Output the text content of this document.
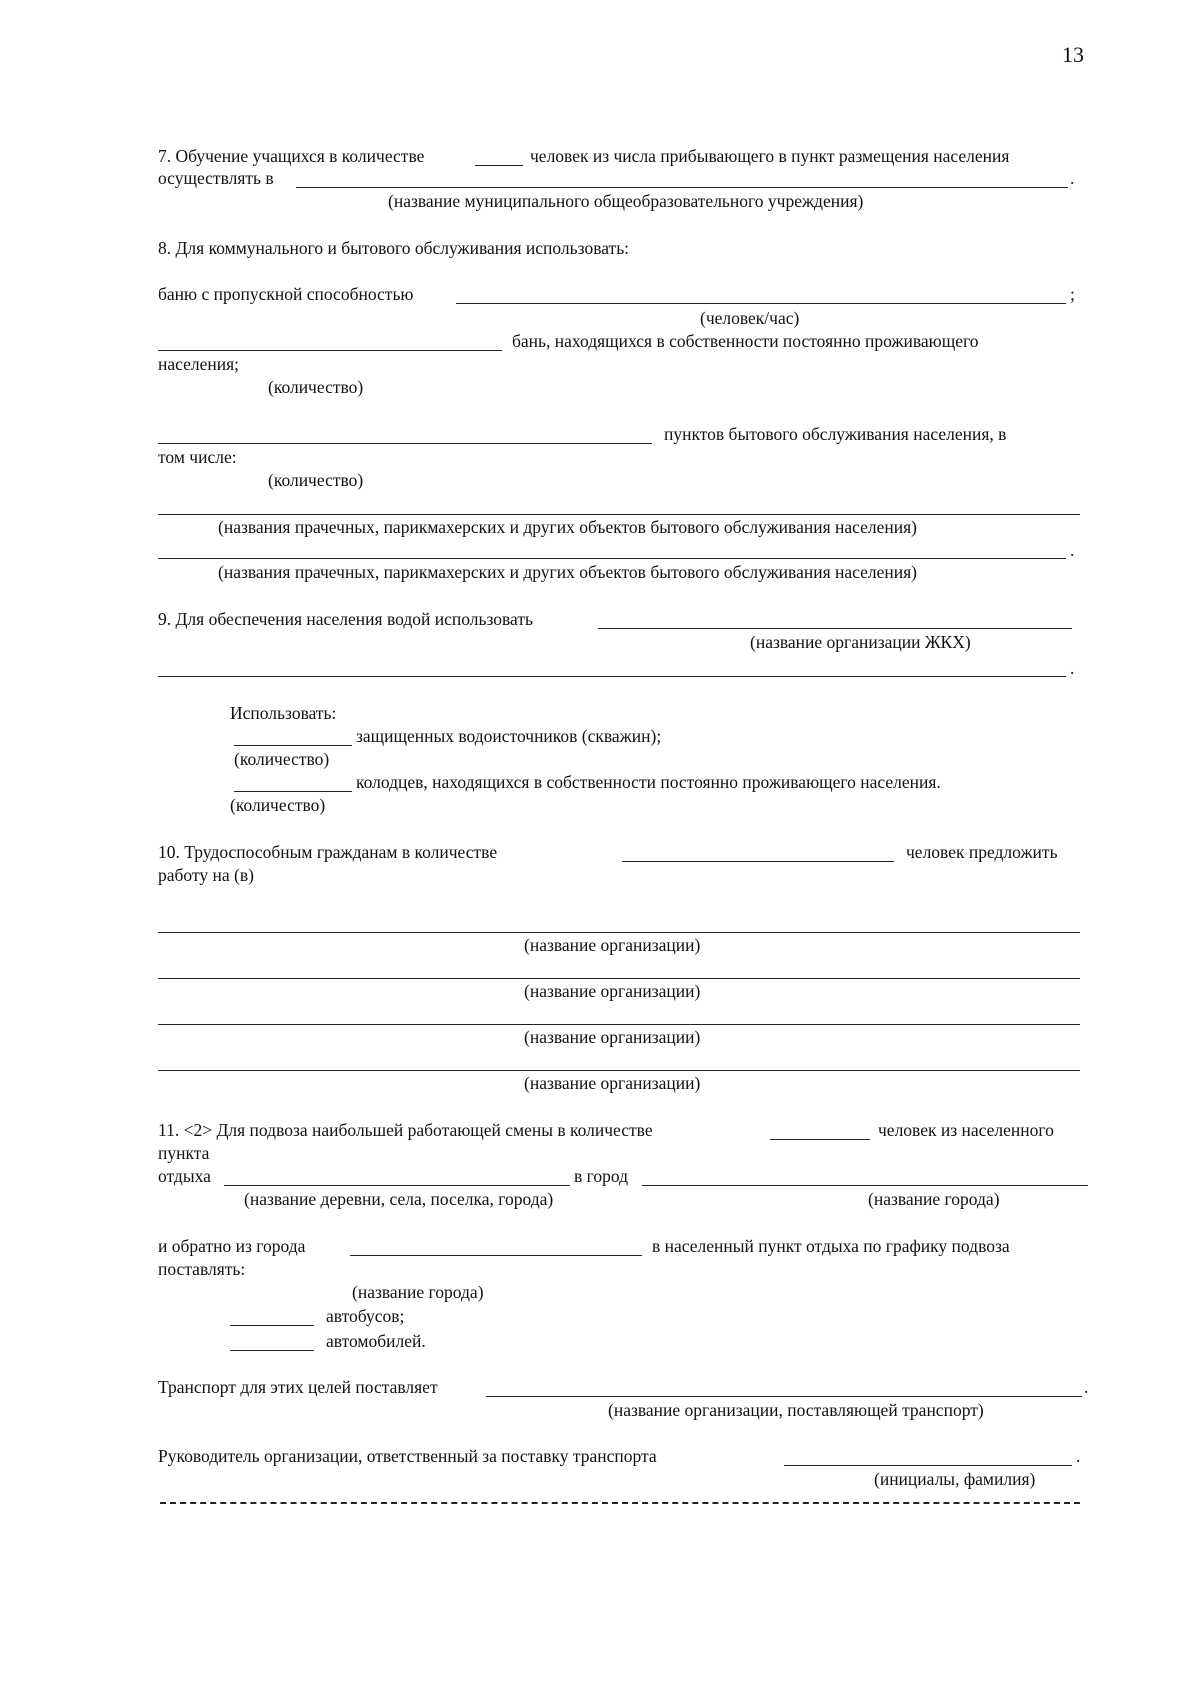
13
7. Обучение учащихся в количестве	человек из числа прибывающего в пункт размещения населения
осуществлять в	.
(название муниципального общеобразовательного учреждения)
8. Для коммунального и бытового обслуживания использовать:
баню с пропускной способностью	;
(человек/час)
бань, находящихся в собственности постоянно проживающего
населения;
(количество)
пунктов бытового обслуживания населения, в
том числе:
(количество)
(названия прачечных, парикмахерских и других объектов бытового обслуживания населения)
.
(названия прачечных, парикмахерских и других объектов бытового обслуживания населения)
9. Для обеспечения населения водой использовать
(название организации ЖКХ)
.
Использовать:
защищенных водоисточников (скважин);
(количество)
колодцев, находящихся в собственности постоянно проживающего населения.
(количество)
10. Трудоспособным гражданам в количестве	человек предложить
работу на (в)
(название организации)
(название организации)
(название организации)
(название организации)
11. <2> Для подвоза наибольшей работающей смены в количестве	человек из населенного
пункта
отдыха	в город
(название деревни, села, поселка, города)	(название города)
и обратно из города	в населенный пункт отдыха по графику подвоза
поставлять:
(название города)
автобусов;
автомобилей.
Транспорт для этих целей поставляет	.
(название организации, поставляющей транспорт)
Руководитель организации, ответственный за поставку транспорта	.
(инициалы, фамилия)
